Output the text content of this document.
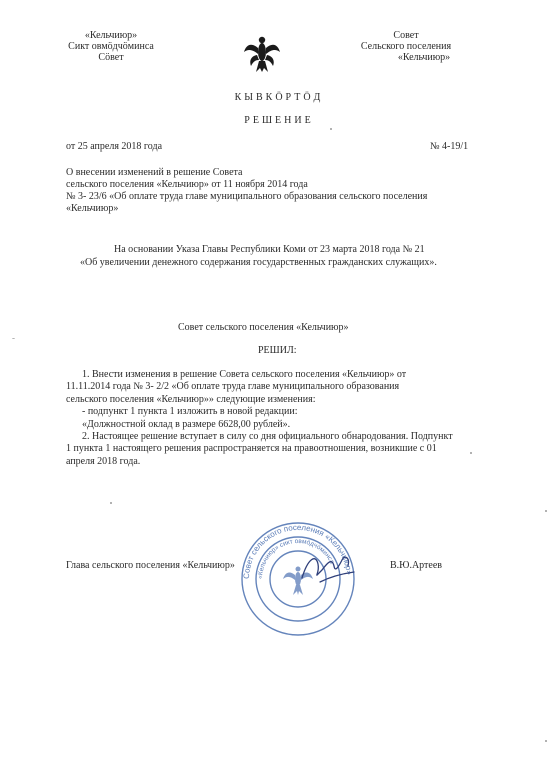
«Кельчиюр»
Сикт овмӧдчӧминса
Сӧвет
Совет
Сельского поселения
«Кельчиюр»
КЫВКӦРТӦД
РЕШЕНИЕ
от 25 апреля 2018 года	№ 4-19/1
О внесении изменений в решение Совета
сельского поселения «Кельчиюр» от 11 ноября 2014 года
№ 3- 23/6 «Об оплате труда главе муниципального образования сельского поселения
«Кельчиюр»
На основании Указа Главы Республики Коми от 23 марта 2018 года № 21
«Об увеличении денежного содержания государственных гражданских служащих».
Совет сельского поселения «Кельчиюр»
РЕШИЛ:
1. Внести изменения в решение Совета сельского поселения «Кельчиюр» от
11.11.2014 года № 3- 2/2 «Об оплате труда главе муниципального образования
сельского поселения «Кельчиюр»» следующие изменения:
- подпункт 1 пункта 1 изложить в новой редакции:
«Должностной оклад в размере 6628,00 рублей».
2. Настоящее решение вступает в силу со дня официального обнародования. Подпункт
1 пункта 1 настоящего решения распространяется на правоотношения, возникшие с 01
апреля 2018 года.
Глава сельского поселения «Кельчиюр»	В.Ю.Артеев
Совет сельского поселения «Кельчиюр»
«Кельчиюр» сикт овмӧдчӧминса
